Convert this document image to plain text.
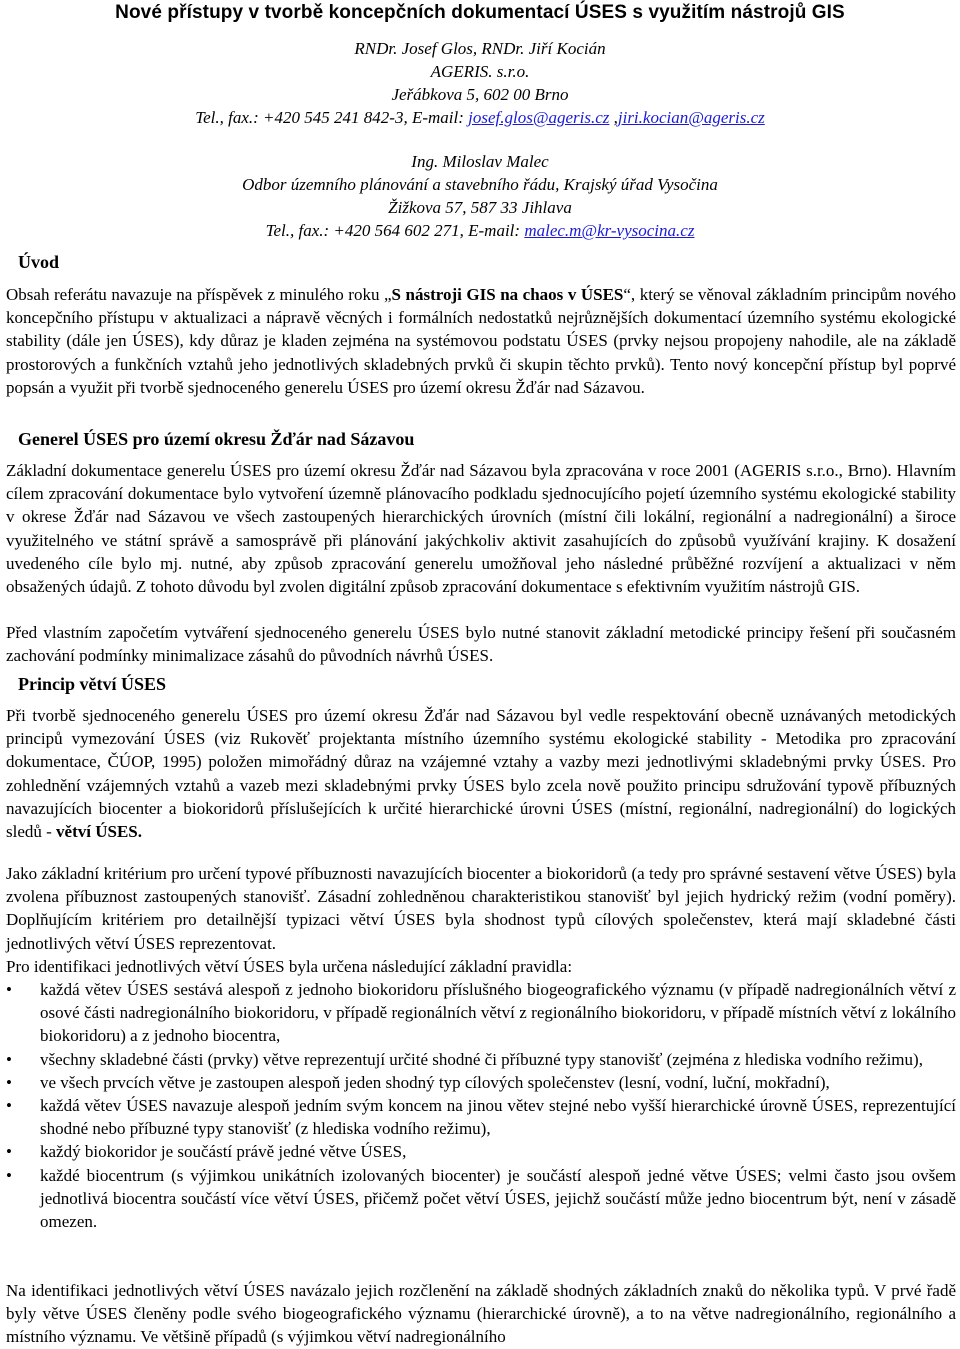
Nové přístupy v tvorbě koncepčních dokumentací ÚSES s využitím nástrojů GIS
RNDr. Josef Glos, RNDr. Jiří Kocián
AGERIS. s.r.o.
Jeřábkova 5, 602 00 Brno
Tel., fax.: +420 545 241 842-3, E-mail: josef.glos@ageris.cz ,jiri.kocian@ageris.cz
Ing. Miloslav Malec
Odbor územního plánování a stavebního řádu, Krajský úřad Vysočina
Žižkova 57, 587 33 Jihlava
Tel., fax.: +420 564 602 271, E-mail: malec.m@kr-vysocina.cz
Úvod
Obsah referátu navazuje na příspěvek z minulého roku „S nástroji GIS na chaos v ÚSES“, který se věnoval základním principům nového koncepčního přístupu v aktualizaci a nápravě věcných i formálních nedostatků nejrůznějších dokumentací územního systému ekologické stability (dále jen ÚSES), kdy důraz je kladen zejména na systémovou podstatu ÚSES (prvky nejsou propojeny nahodile, ale na základě prostorových a funkčních vztahů jeho jednotlivých skladebných prvků či skupin těchto prvků). Tento nový koncepční přístup byl poprvé popsán a využit při tvorbě sjednoceného generelu ÚSES pro území okresu Žďár nad Sázavou.
Generel ÚSES pro území okresu Žďár nad Sázavou
Základní dokumentace generelu ÚSES pro území okresu Žďár nad Sázavou byla zpracována v roce 2001 (AGERIS s.r.o., Brno). Hlavním cílem zpracování dokumentace bylo vytvoření územně plánovacího podkladu sjednocujícího pojetí územního systému ekologické stability v okrese Žďár nad Sázavou ve všech zastoupených hierarchických úrovních (místní čili lokální, regionální a nadregionální) a široce využitelného ve státní správě a samosprávě při plánování jakýchkoliv aktivit zasahujících do způsobů využívání krajiny. K dosažení uvedeného cíle bylo mj. nutné, aby způsob zpracování generelu umožňoval jeho následné průběžné rozvíjení a aktualizaci v něm obsažených údajů. Z tohoto důvodu byl zvolen digitální způsob zpracování dokumentace s efektivním využitím nástrojů GIS.
Před vlastním započetím vytváření sjednoceného generelu ÚSES bylo nutné stanovit základní metodické principy řešení při současném zachování podmínky minimalizace zásahů do původních návrhů ÚSES.
Princip větví ÚSES
Při tvorbě sjednoceného generelu ÚSES pro území okresu Žďár nad Sázavou byl vedle respektování obecně uznávaných metodických principů vymezování ÚSES (viz Rukověť projektanta místního územního systému ekologické stability - Metodika pro zpracování dokumentace, ČÚOP, 1995) položen mimořádný důraz na vzájemné vztahy a vazby mezi jednotlivými skladebnými prvky ÚSES. Pro zohlednění vzájemných vztahů a vazeb mezi skladebnými prvky ÚSES bylo zcela nově použito principu sdružování typově příbuzných navazujících biocenter a biokoridorů příslušejících k určité hierarchické úrovni ÚSES (místní, regionální, nadregionální) do logických sledů - větví ÚSES.
Jako základní kritérium pro určení typové příbuznosti navazujících biocenter a biokoridorů (a tedy pro správné sestavení větve ÚSES) byla zvolena příbuznost zastoupených stanovišť. Zásadní zohledněnou charakteristikou stanovišť byl jejich hydrický režim (vodní poměry). Doplňujícím kritériem pro detailnější typizaci větví ÚSES byla shodnost typů cílových společenstev, která mají skladebné části jednotlivých větví ÚSES reprezentovat.
Pro identifikaci jednotlivých větví ÚSES byla určena následující základní pravidla:
• každá větev ÚSES sestává alespoň z jednoho biokoridoru příslušného biogeografického významu (v případě nadregionálních větví z osové části nadregionálního biokoridoru, v případě regionálních větví z regionálního biokoridoru, v případě místních větví z lokálního biokoridoru) a z jednoho biocentra,
• všechny skladebné části (prvky) větve reprezentují určité shodné či příbuzné typy stanovišť (zejména z hlediska vodního režimu),
• ve všech prvcích větve je zastoupen alespoň jeden shodný typ cílových společenstev (lesní, vodní, luční, mokřadní),
• každá větev ÚSES navazuje alespoň jedním svým koncem na jinou větev stejné nebo vyšší hierarchické úrovně ÚSES, reprezentující shodné nebo příbuzné typy stanovišť (z hlediska vodního režimu),
• každý biokoridor je součástí právě jedné větve ÚSES,
• každé biocentrum (s výjimkou unikátních izolovaných biocenter) je součástí alespoň jedné větve ÚSES; velmi často jsou ovšem jednotlivá biocentra součástí více větví ÚSES, přičemž počet větví ÚSES, jejichž součástí může jedno biocentrum být, není v zásadě omezen.
Na identifikaci jednotlivých větví ÚSES navázalo jejich rozčlenění na základě shodných základních znaků do několika typů. V prvé řadě byly větve ÚSES členěny podle svého biogeografického významu (hierarchické úrovně), a to na větve nadregionálního, regionálního a místního významu. Ve většině případů (s výjimkou větví nadregionálního
